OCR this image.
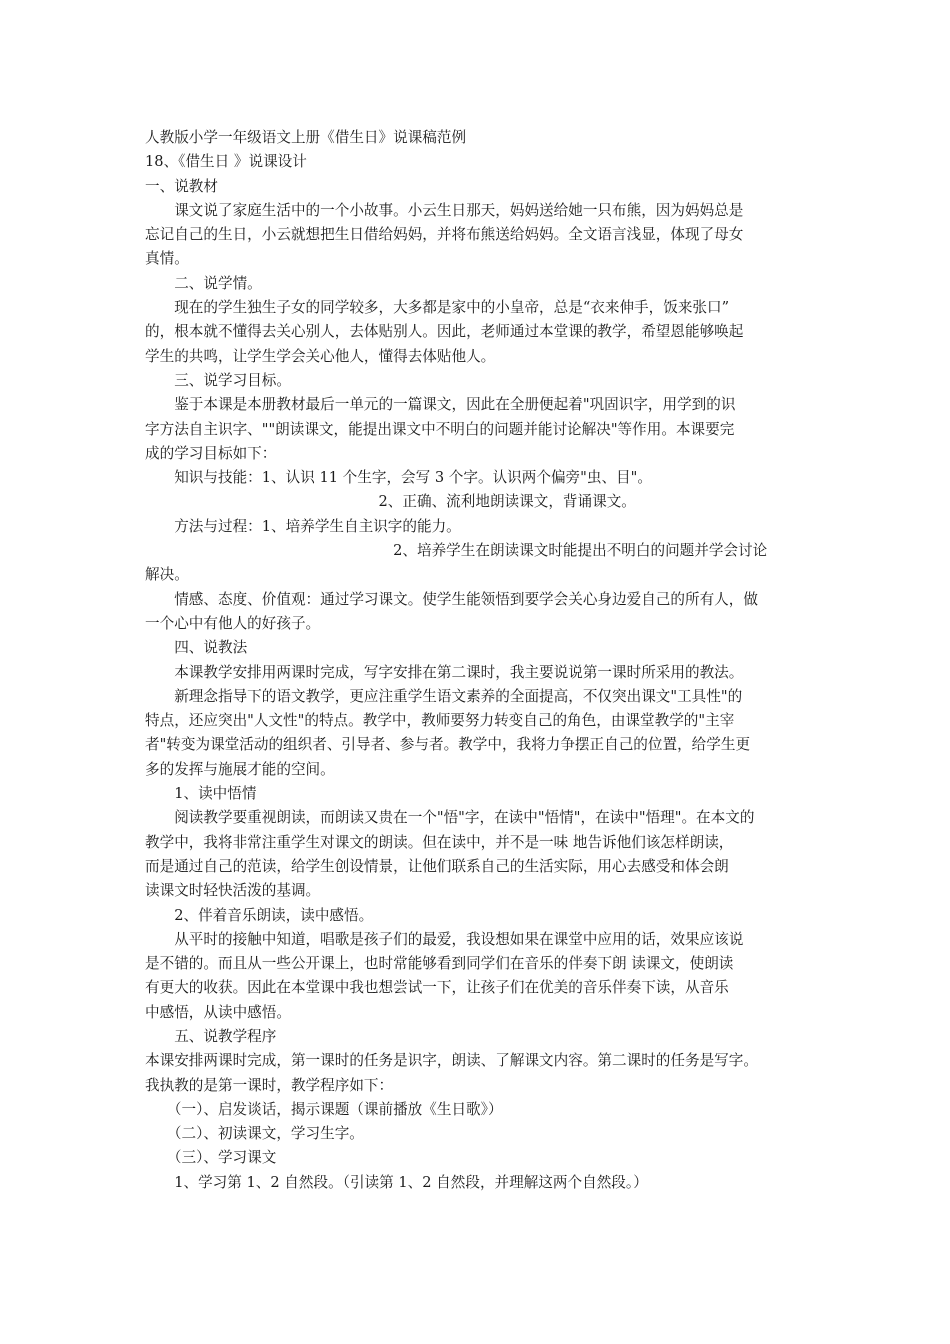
人教版小学一年级语文上册《借生日》说课稿范例
18、《借生日 》说课设计
一、说教材
　　课文说了家庭生活中的一个小故事。小云生日那天，妈妈送给她一只布熊，因为妈妈总是
忘记自己的生日，小云就想把生日借给妈妈，并将布熊送给妈妈。全文语言浅显，体现了母女
真情。
　　二、说学情。
　　现在的学生独生子女的同学较多，大多都是家中的小皇帝，总是“衣来伸手，饭来张口”
的，根本就不懂得去关心别人，去体贴别人。因此，老师通过本堂课的教学，希望恩能够唤起
学生的共鸣，让学生学会关心他人，懂得去体贴他人。
　　三、说学习目标。
　　鉴于本课是本册教材最后一单元的一篇课文，因此在全册便起着"巩固识字，用学到的识
字方法自主识字、""朗读课文，能提出课文中不明白的问题并能讨论解决"等作用。本课要完
成的学习目标如下：
　　知识与技能：1、认识 11 个生字，会写 3 个字。认识两个偏旁"虫、目"。
　　　　　　　　　　　　　　　　2、正确、流利地朗读课文，背诵课文。
　　方法与过程：1、培养学生自主识字的能力。
　　　　　　　　　　　　　　　　　2、培养学生在朗读课文时能提出不明白的问题并学会讨论
解决。
　　情感、态度、价值观：通过学习课文。使学生能领悟到要学会关心身边爱自己的所有人，做
一个心中有他人的好孩子。
　　四、说教法
　　本课教学安排用两课时完成，写字安排在第二课时，我主要说说第一课时所采用的教法。
　　新理念指导下的语文教学，更应注重学生语文素养的全面提高，不仅突出课文"工具性"的
特点，还应突出"人文性"的特点。教学中，教师要努力转变自己的角色，由课堂教学的"主宰
者"转变为课堂活动的组织者、引导者、参与者。教学中，我将力争摆正自己的位置，给学生更
多的发挥与施展才能的空间。
　　1、读中悟情
　　阅读教学要重视朗读，而朗读又贵在一个"悟"字，在读中"悟情"，在读中"悟理"。在本文的
教学中，我将非常注重学生对课文的朗读。但在读中，并不是一味 地告诉他们该怎样朗读，
而是通过自己的范读，给学生创设情景，让他们联系自己的生活实际，用心去感受和体会朗
读课文时轻快活泼的基调。
　　2、伴着音乐朗读，读中感悟。
　　从平时的接触中知道，唱歌是孩子们的最爱，我设想如果在课堂中应用的话，效果应该说
是不错的。而且从一些公开课上，也时常能够看到同学们在音乐的伴奏下朗 读课文，使朗读
有更大的收获。因此在本堂课中我也想尝试一下，让孩子们在优美的音乐伴奏下读，从音乐
中感悟，从读中感悟。
　　五、说教学程序
本课安排两课时完成，第一课时的任务是识字，朗读、了解课文内容。第二课时的任务是写字。
我执教的是第一课时，教学程序如下：
　　（一）、启发谈话，揭示课题（课前播放《生日歌》）
　　（二）、初读课文，学习生字。
　　（三）、学习课文
　　1、学习第 1、2 自然段。（引读第 1、2 自然段，并理解这两个自然段。）
